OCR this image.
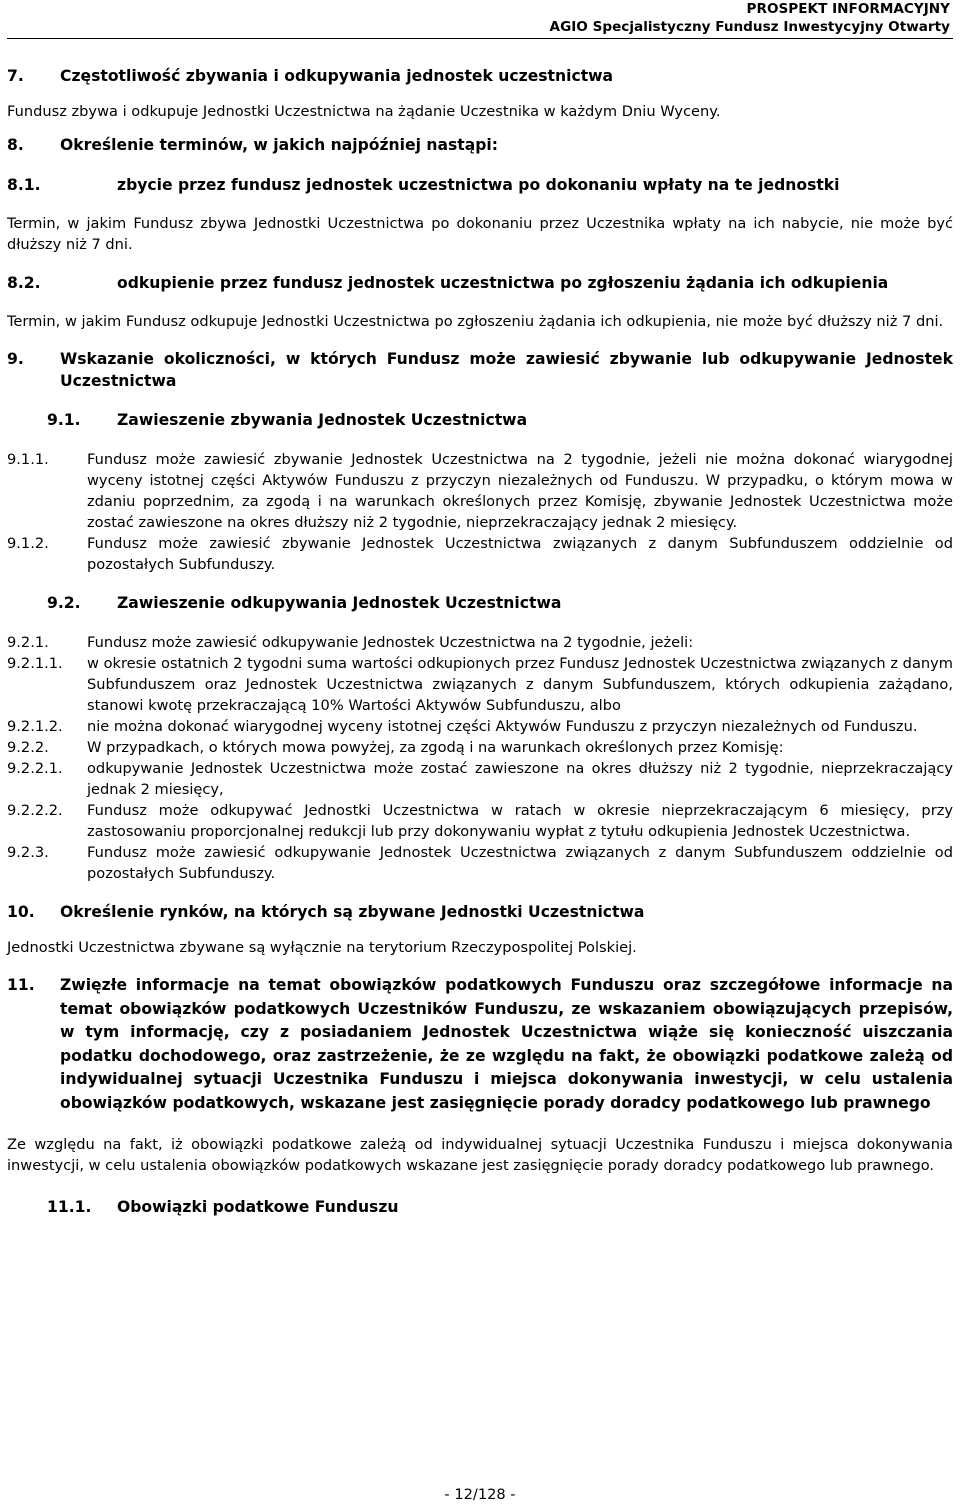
PROSPEKT INFORMACYJNY
AGIO Specjalistyczny Fundusz Inwestycyjny Otwarty
7.	Częstotliwość zbywania i odkupywania jednostek uczestnictwa

Fundusz zbywa i odkupuje Jednostki Uczestnictwa na żądanie Uczestnika w każdym Dniu Wyceny.

8.	Określenie terminów, w jakich najpóźniej nastąpi:
8.1.	zbycie przez fundusz jednostek uczestnictwa po dokonaniu wpłaty na te jednostki

Termin, w jakim Fundusz zbywa Jednostki Uczestnictwa po dokonaniu przez Uczestnika wpłaty na ich nabycie, nie może być dłuższy niż 7 dni.

8.2.	odkupienie przez fundusz jednostek uczestnictwa po zgłoszeniu żądania ich odkupienia

Termin, w jakim Fundusz odkupuje Jednostki Uczestnictwa po zgłoszeniu żądania ich odkupienia, nie może być dłuższy niż 7 dni.

9.	Wskazanie okoliczności, w których Fundusz może zawiesić zbywanie lub odkupywanie Jednostek Uczestnictwa
9.1.	Zawieszenie zbywania Jednostek Uczestnictwa
9.1.1.	Fundusz może zawiesić zbywanie Jednostek Uczestnictwa na 2 tygodnie, jeżeli nie można dokonać wiarygodnej wyceny istotnej części Aktywów Funduszu z przyczyn niezależnych od Funduszu. W przypadku, o którym mowa w zdaniu poprzednim, za zgodą i na warunkach określonych przez Komisję, zbywanie Jednostek Uczestnictwa może zostać zawieszone na okres dłuższy niż 2 tygodnie, nieprzekraczający jednak 2 miesięcy.
9.1.2.	Fundusz może zawiesić zbywanie Jednostek Uczestnictwa związanych z danym Subfunduszem oddzielnie od pozostałych Subfunduszy.
9.2.	Zawieszenie odkupywania Jednostek Uczestnictwa
9.2.1.	Fundusz może zawiesić odkupywanie Jednostek Uczestnictwa na 2 tygodnie, jeżeli:
9.2.1.1.	w okresie ostatnich 2 tygodni suma wartości odkupionych przez Fundusz Jednostek Uczestnictwa związanych z danym Subfunduszem oraz Jednostek Uczestnictwa związanych z danym Subfunduszem, których odkupienia zażądano, stanowi kwotę przekraczającą 10% Wartości Aktywów Subfunduszu, albo
9.2.1.2.	nie można dokonać wiarygodnej wyceny istotnej części Aktywów Funduszu z przyczyn niezależnych od Funduszu.
9.2.2.	W przypadkach, o których mowa powyżej, za zgodą i na warunkach określonych przez Komisję:
9.2.2.1.	odkupywanie Jednostek Uczestnictwa może zostać zawieszone na okres dłuższy niż 2 tygodnie, nieprzekraczający jednak 2 miesięcy,
9.2.2.2.	Fundusz może odkupywać Jednostki Uczestnictwa w ratach w okresie nieprzekraczającym 6 miesięcy, przy zastosowaniu proporcjonalnej redukcji lub przy dokonywaniu wypłat z tytułu odkupienia Jednostek Uczestnictwa.
9.2.3.	Fundusz może zawiesić odkupywanie Jednostek Uczestnictwa związanych z danym Subfunduszem oddzielnie od pozostałych Subfunduszy.
10.	Określenie rynków, na których są zbywane Jednostki Uczestnictwa

Jednostki Uczestnictwa zbywane są wyłącznie na terytorium Rzeczypospolitej Polskiej.

11.	Zwięzłe informacje na temat obowiązków podatkowych Funduszu oraz szczegółowe informacje na temat obowiązków podatkowych Uczestników Funduszu, ze wskazaniem obowiązujących przepisów, w tym informację, czy z posiadaniem Jednostek Uczestnictwa wiąże się konieczność uiszczania podatku dochodowego, oraz zastrzeżenie, że ze względu na fakt, że obowiązki podatkowe zależą od indywidualnej sytuacji Uczestnika Funduszu i miejsca dokonywania inwestycji, w celu ustalenia obowiązków podatkowych, wskazane jest zasięgnięcie porady doradcy podatkowego lub prawnego

Ze względu na fakt, iż obowiązki podatkowe zależą od indywidualnej sytuacji Uczestnika Funduszu i miejsca dokonywania inwestycji, w celu ustalenia obowiązków podatkowych wskazane jest zasięgnięcie porady doradcy podatkowego lub prawnego.

11.1.	Obowiązki podatkowe Funduszu
- 12/128 -
